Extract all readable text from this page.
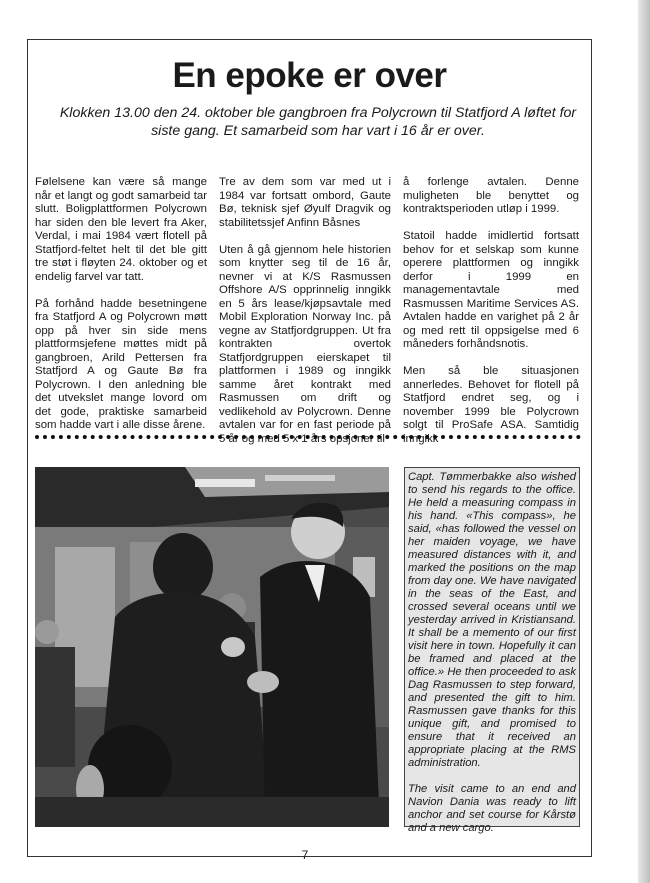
En epoke er over

Klokken 13.00 den 24. oktober ble gangbroen fra Polycrown til Statfjord A løftet for siste gang. Et samarbeid som har vart i 16 år er over.

Følelsene kan være så mange når et langt og godt samarbeid tar slutt. Boligplattformen Polycrown har siden den ble levert fra Aker, Verdal, i mai 1984 vært flotell på Statfjord-feltet helt til det ble gitt tre støt i fløyten 24. oktober og et endelig farvel var tatt.

På forhånd hadde besetningene fra Statfjord A og Polycrown møtt opp på hver sin side mens plattformsjefene møttes midt på gangbroen, Arild Pettersen fra Statfjord A og Gaute Bø fra Polycrown. I den anledning ble det utvekslet mange lovord om det gode, praktiske samarbeid som hadde vart i alle disse årene.

Tre av dem som var med ut i 1984 var fortsatt ombord, Gaute Bø, teknisk sjef Øyulf Dragvik og stabilitetssjef Anfinn Båsnes

Uten å gå gjennom hele historien som knytter seg til de 16 år, nevner vi at K/S Rasmussen Offshore A/S opprinnelig inngikk en 5 års lease/kjøpsavtale med Mobil Exploration Norway Inc. på vegne av Statfjordgruppen. Ut fra kontrakten overtok Statfjordgruppen eierskapet til plattformen i 1989 og inngikk samme året kontrakt med Rasmussen om drift og vedlikehold av Polycrown. Denne avtalen var for en fast periode på 5 år og med 5 x 1 års opsjoner til

å forlenge avtalen. Denne muligheten ble benyttet og kontraktsperioden utløp i 1999.

Statoil hadde imidlertid fortsatt behov for et selskap som kunne operere plattformen og inngikk derfor i 1999 en managementavtale med Rasmussen Maritime Services AS. Avtalen hadde en varighet på 2 år og med rett til oppsigelse med 6 måneders forhåndsnotis.

Men så ble situasjonen annerledes. Behovet for flotell på Statfjord endret seg, og i november 1999 ble Polycrown solgt til ProSafe ASA. Samtidig inngikk

Capt. Tømmerbakke also wished to send his regards to the office. He held a measuring compass in his hand. «This compass», he said, «has followed the vessel on her maiden voyage, we have measured distances with it, and marked the positions on the map from day one. We have navigated in the seas of the East, and crossed several oceans until we yesterday arrived in Kristiansand. It shall be a memento of our first visit here in town. Hopefully it can be framed and placed at the office.» He then proceeded to ask Dag Rasmussen to step forward, and presented the gift to him. Rasmussen gave thanks for this unique gift, and promised to ensure that it received an appropriate placing at the RMS administration.

The visit came to an end and Navion Dania was ready to lift anchor and set course for Kårstø and a new cargo.

7
